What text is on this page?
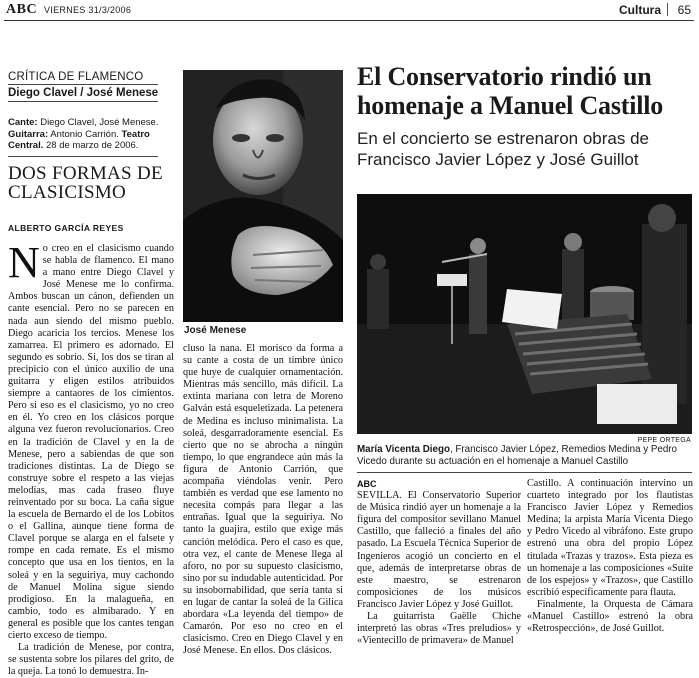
ABC VIERNES 31/3/2006	Cultura 65
CRÍTICA DE FLAMENCO
Diego Clavel / José Menese
Cante: Diego Clavel, José Menese. Guitarra: Antonio Carrión. Teatro Central. 28 de marzo de 2006.
DOS FORMAS DE CLASICISMO
ALBERTO GARCÍA REYES

No creo en el clasicismo cuando se habla de flamenco. El mano a mano entre Diego Clavel y José Menese me lo confirma. Ambos buscan un cánon, defienden un cante esencial. Pero no se parecen en nada aun siendo del mismo pueblo. Diego acaricia los tercios. Menese los zamarrea. El primero es adornado. El segundo es sobrio. Si, los dos se tiran al precipicio con el único auxilio de una guitarra y eligen estilos atribuidos siempre a cantaores de los cimientos. Pero si eso es el clasicismo, yo no creo en él. Yo creo en los clásicos porque alguna vez fueron revolucionarios. Creo en la tradición de Clavel y en la de Menese, pero a sabiendas de que son tradiciones distintas. La de Diego se construye sobre el respeto a las viejas melodías, mas cada fraseo fluye reinventado por su boca. La caña sigue la escuela de Bernardo el de los Lobitos o el Gallina, aunque tiene forma de Clavel porque se alarga en el falsete y rompe en cada remate. Es el mismo concepto que usa en los tientos, en la soleá y en la seguiriya, muy cachondo de Manuel Molina sigue siendo prodigioso. En la malagueña, en cambio, todo es almibarado. Y en general es posible que los cantes tengan cierto exceso de tiempo.

La tradición de Menese, por contra, se sustenta sobre los pilares del grito, de la queja. La tonó lo demuestra. In-

José Menese

cluso la nana. El morisco da forma a su cante a costa de un timbre único que huye de cualquier ornamentación. Mientras más sencillo, más difícil. La extinta mariana con letra de Moreno Galván está esqueletizada. La petenera de Medina es incluso minimalista. La soleá, desgarradoramente esencial. Es cierto que no se abrocha a ningún tiempo, lo que engrandece aún más la figura de Antonio Carrión, que acompaña viéndolas venir. Pero también es verdad que ese lamento no necesita compás para llegar a las entrañas. Igual que la seguiriya. No tanto la guajira, estilo que exige más canción melódica. Pero el caso es que, otra vez, el cante de Menese llega al aforo, no por su supuesto clasicismo, sino por su indudable autenticidad. Por su insobornabilidad, que sería tanta si en lugar de cantar la soleá de la Gilica abordara «La leyenda del tiempo» de Camarón. Por eso no creo en el clasicismo. Creo en Diego Clavel y en José Menese. En ellos. Dos clásicos.

El Conservatorio rindió un homenaje a Manuel Castillo
En el concierto se estrenaron obras de Francisco Javier López y José Guillot
PEPE ORTEGA
María Vicenta Diego, Francisco Javier López, Remedios Medina y Pedro Vicedo durante su actuación en el homenaje a Manuel Castillo
ABC

SEVILLA. El Conservatorio Superior de Música rindió ayer un homenaje a la figura del compositor sevillano Manuel Castillo, que falleció a finales del año pasado. La Escuela Técnica Superior de Ingenieros acogió un concierto en el que, además de interpretarse obras de este maestro, se estrenaron composiciones de los músicos Francisco Javier López y José Guillot.

La guitarrista Gaëlle Chiche interpretó las obras «Tres preludios» y «Vientecillo de primavera» de Manuel

Castillo. A continuación intervino un cuarteto integrado por los flautistas Francisco Javier López y Remedios Medina; la arpista María Vicenta Diego y Pedro Vicedo al vibráfono. Este grupo estrenó una obra del propio López titulada «Trazas y trazos». Esta pieza es un homenaje a las composiciones «Suite de los espejos» y «Trazos», que Castillo escribió específicamente para flauta.

Finalmente, la Orquesta de Cámara «Manuel Castillo» estrenó la obra «Retrospección», de José Guillot.
